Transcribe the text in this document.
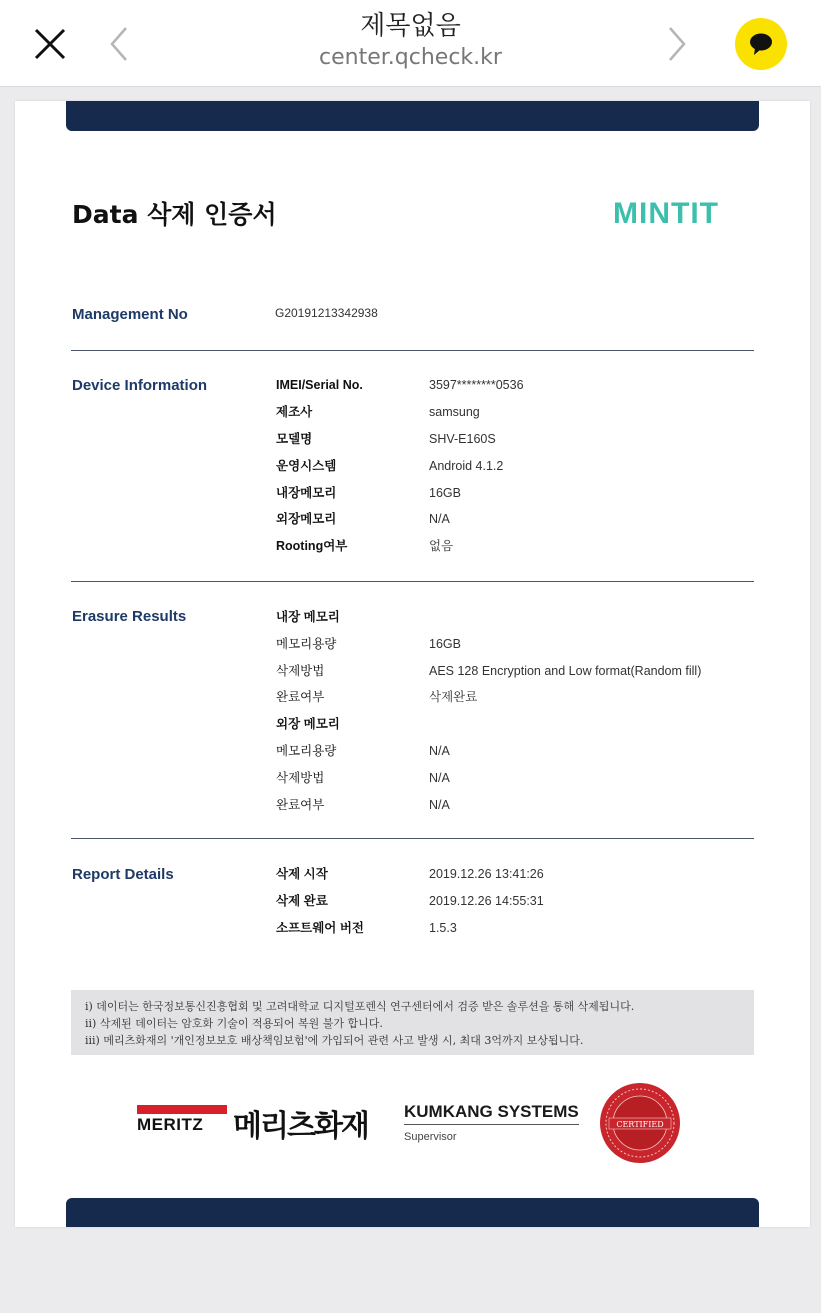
제목없음
center.qcheck.kr
Data 삭제 인증서	MINTIT
Management No	G20191213342938
Device Information	IMEI/Serial No.	3597********0536
제조사	samsung
모델명	SHV-E160S
운영시스템	Android 4.1.2
내장메모리	16GB
외장메모리	N/A
Rooting여부	없음
Erasure Results	내장 메모리
메모리용량	16GB
삭제방법	AES 128 Encryption and Low format(Random fill)
완료여부	삭제완료
외장 메모리
메모리용량	N/A
삭제방법	N/A
완료여부	N/A
Report Details	삭제 시작	2019.12.26 13:41:26
삭제 완료	2019.12.26 14:55:31
소프트웨어 버전	1.5.3
i) 데이터는 한국정보통신진흥협회 및 고려대학교 디지털포렌식 연구센터에서 검증 받은 솔루션을 통해 삭제됩니다.
ii) 삭제된 데이터는 암호화 기술이 적용되어 복원 불가 합니다.
iii) 메리츠화재의 '개인정보보호 배상책임보험'에 가입되어 관련 사고 발생 시, 최대 3억까지 보상됩니다.
MERITZ 메리츠화재 KUMKANG SYSTEMS
Supervisor
CERTIFIED
